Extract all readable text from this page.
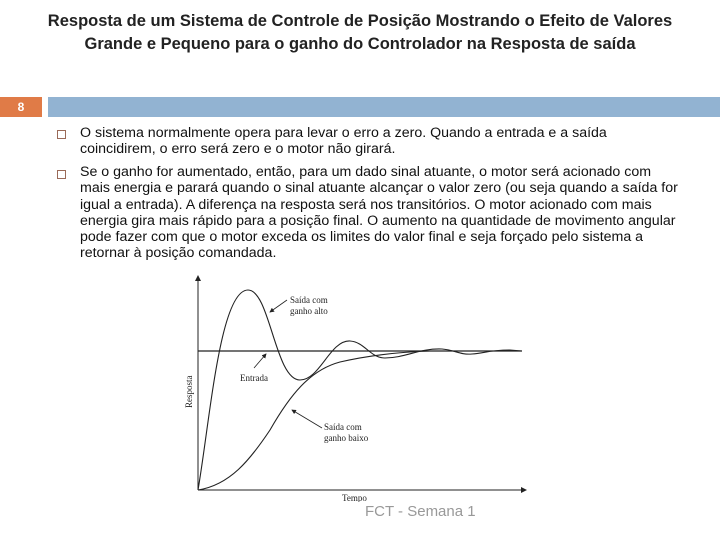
Resposta de um Sistema de Controle de Posição Mostrando o Efeito de Valores Grande e Pequeno para o ganho do Controlador na Resposta de saída
8
O sistema normalmente opera para levar o erro a zero. Quando a entrada e a saída coincidirem, o erro será zero e o motor não girará.
Se o ganho for aumentado, então, para um dado sinal atuante, o motor será acionado com mais energia e parará quando o sinal atuante alcançar o valor zero (ou seja quando a saída for igual a entrada). A diferença na resposta será nos transitórios. O motor acionado com mais energia gira mais rápido para a posição final. O aumento na quantidade de movimento angular pode fazer com que o motor exceda os limites do valor final e seja forçado pelo sistema a retornar à posição comandada.
FCT - Semana 1
Saída com
ganho alto
Entrada
Saída com
ganho baixo
Resposta
Tempo
